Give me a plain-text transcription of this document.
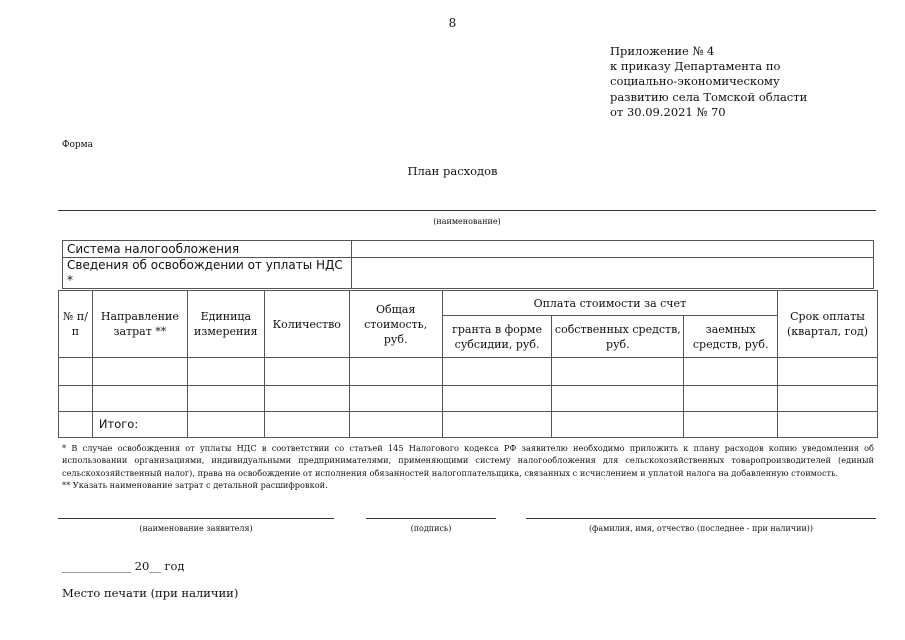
8
Приложение № 4
к приказу Департамента по
социально-экономическому
развитию села Томской области
от 30.09.2021 № 70
Форма
План расходов
(наименование)
Система налогообложения	
Сведения об освобождении от уплаты НДС *	
№ п/п	Направление затрат **	Единица измерения	Количество	Общая стоимость, руб.	Оплата стоимости за счет			Срок оплаты (квартал, год)
					гранта в форме субсидии, руб.	собственных средств, руб.	заемных средств, руб.	

	Итого:							

* В случае освобождения от уплаты НДС в соответствии со статьей 145 Налогового кодекса РФ заявителю необходимо приложить к плану расходов копию уведомления об использовании организациями, индивидуальными предпринимателями, применяющими систему налогообложения для сельскохозяйственных товаропроизводителей (единый сельскохозяйственный налог), права на освобождение от исполнения обязанностей налогоплательщика, связанных с исчислением и уплатой налога на добавленную стоимость.

** Указать наименование затрат с детальной расшифровкой.

(наименование заявителя)	(подпись)	(фамилия, имя, отчество (последнее - при наличии))
____________ 20__ год
Место печати (при наличии)
